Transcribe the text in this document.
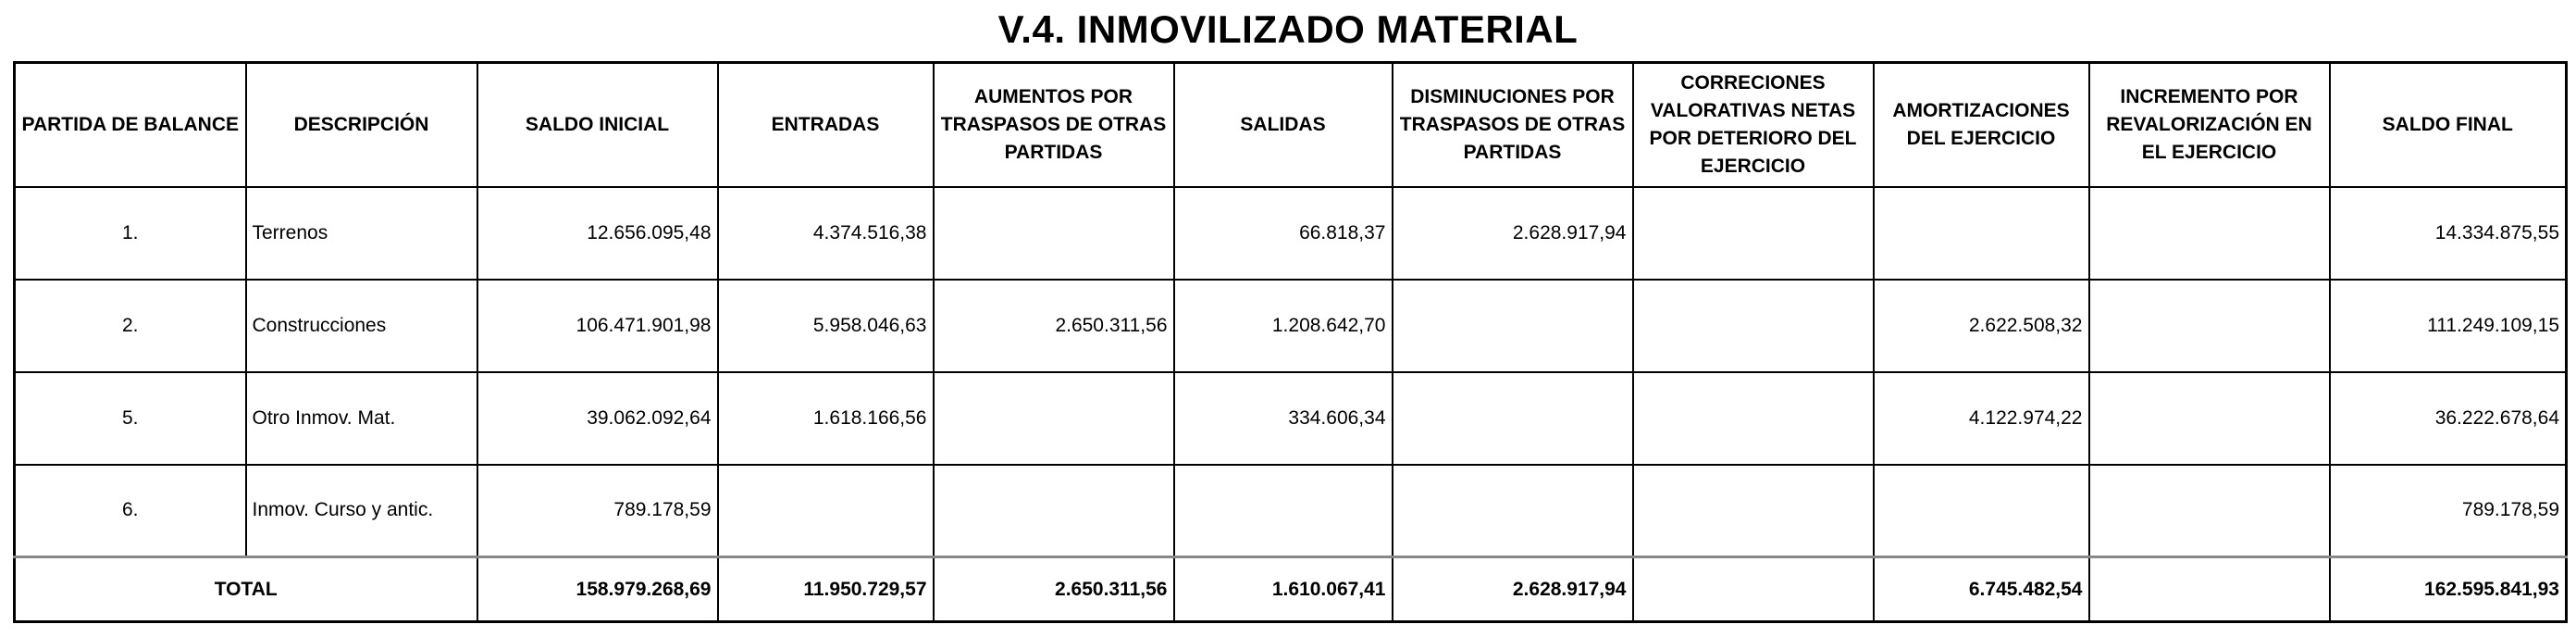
V.4. INMOVILIZADO MATERIAL
PARTIDA DE BALANCE	DESCRIPCIÓN	SALDO INICIAL	ENTRADAS	AUMENTOS POR TRASPASOS DE OTRAS PARTIDAS	SALIDAS	DISMINUCIONES POR TRASPASOS DE OTRAS PARTIDAS	CORRECIONES VALORATIVAS NETAS POR DETERIORO DEL EJERCICIO	AMORTIZACIONES DEL EJERCICIO	INCREMENTO POR REVALORIZACIÓN EN EL EJERCICIO	SALDO FINAL
1.	Terrenos	12.656.095,48	4.374.516,38		66.818,37	2.628.917,94				14.334.875,55
2.	Construcciones	106.471.901,98	5.958.046,63	2.650.311,56	1.208.642,70			2.622.508,32		111.249.109,15
5.	Otro Inmov. Mat.	39.062.092,64	1.618.166,56		334.606,34			4.122.974,22		36.222.678,64
6.	Inmov. Curso y antic.	789.178,59								789.178,59
TOTAL		158.979.268,69	11.950.729,57	2.650.311,56	1.610.067,41	2.628.917,94		6.745.482,54		162.595.841,93
